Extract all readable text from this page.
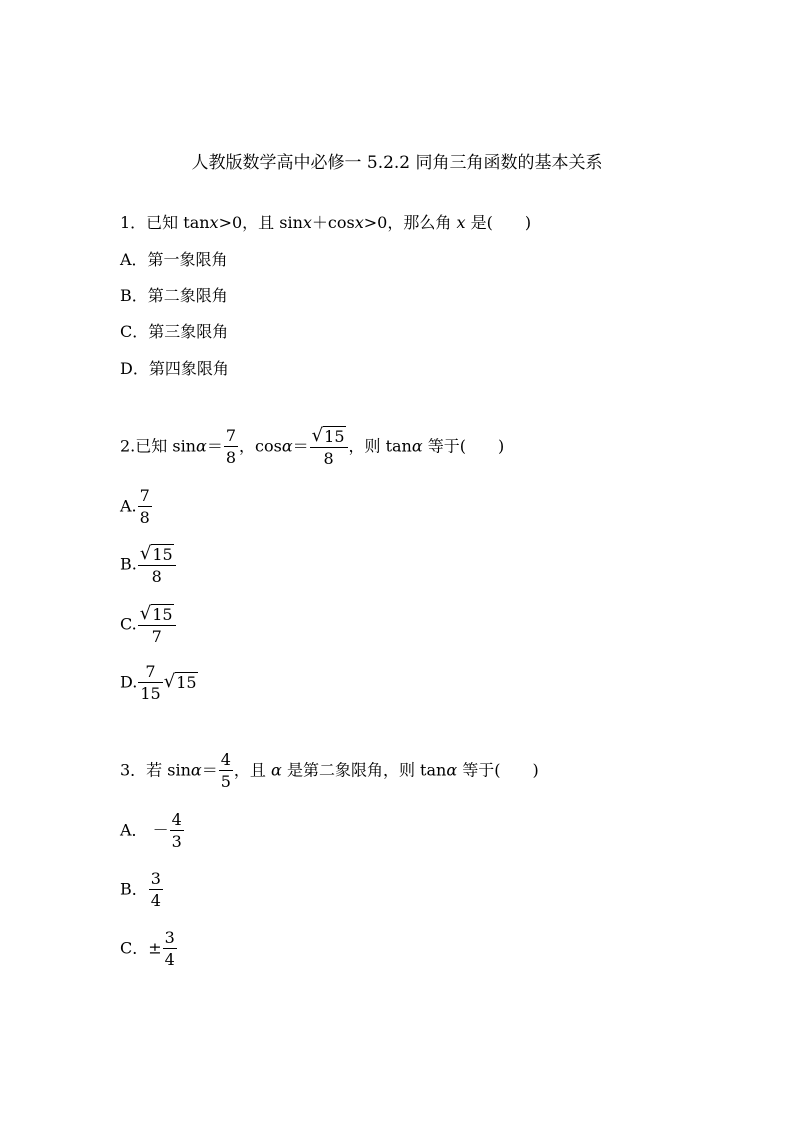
人教版数学高中必修一 5.2.2 同角三角函数的基本关系
1．已知 tanx>0，且 sinx＋cosx>0，那么角 x 是(　　)
A．第一象限角
B．第二象限角
C．第三象限角
D．第四象限角
2.已知 $\sin\alpha= \frac{7}{8}$ ，$\cos\alpha= \frac{√15}{8}$ ，则 tanα 等于(　　)
A. $\frac{7}{8}$
B. $\frac{√15}{8}$
C. $\frac{√15}{7}$
D. $\frac{7}{15} √15$
3．若 $\sin\alpha= \frac{4}{5}$ ，且 α 是第二象限角，则 tanα 等于(　　)
A． － $\frac{4}{3}$
B． $\frac{3}{4}$
C．± $\frac{3}{4}$
